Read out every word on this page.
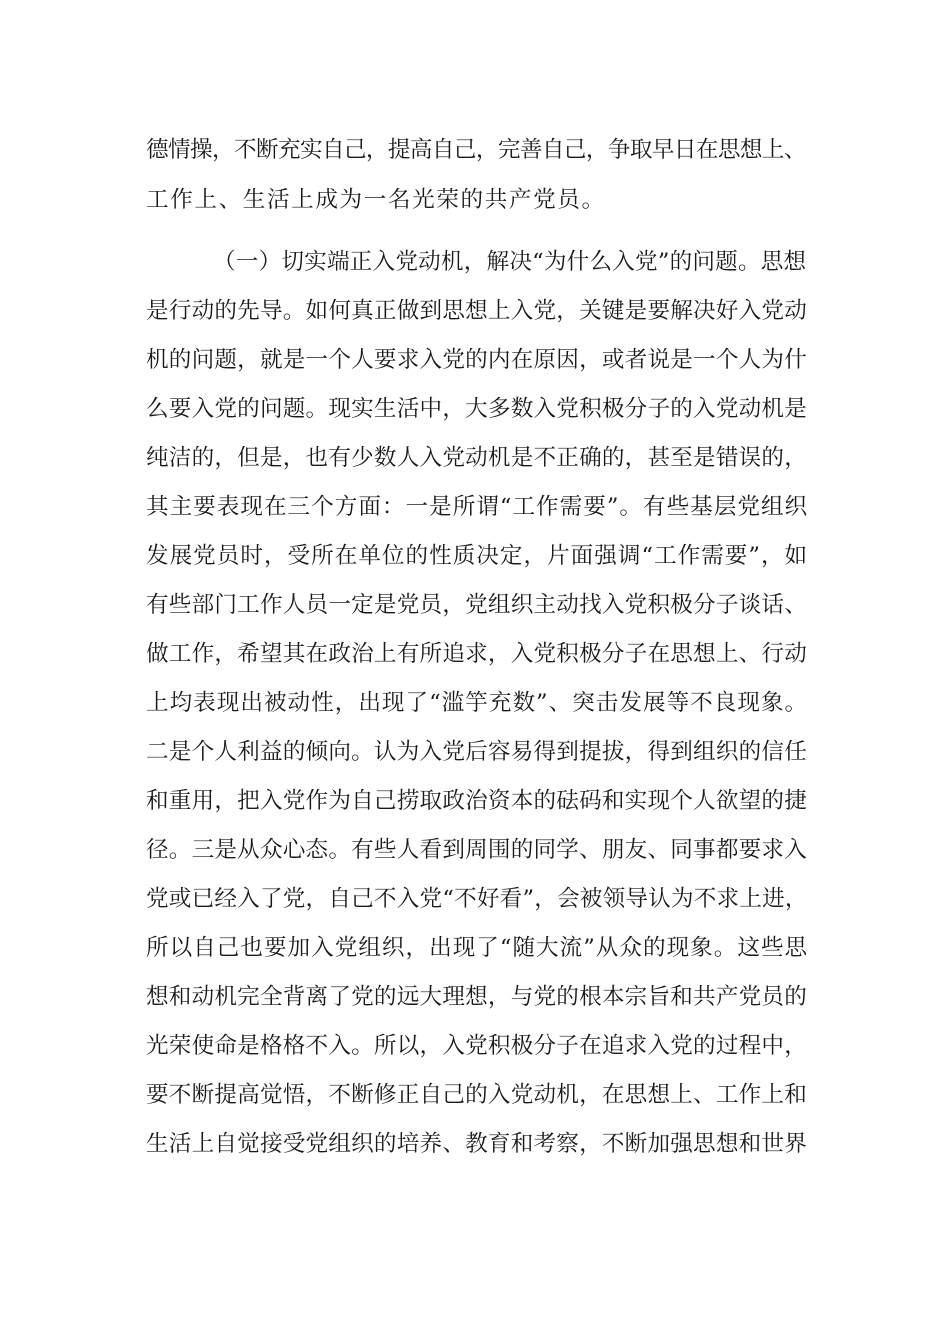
德情操，不断充实自己，提高自己，完善自己，争取早日在思想上、
工作上、生活上成为一名光荣的共产党员。
（一）切实端正入党动机，解决“为什么入党”的问题。思想
是行动的先导。如何真正做到思想上入党，关键是要解决好入党动
机的问题，就是一个人要求入党的内在原因，或者说是一个人为什
么要入党的问题。现实生活中，大多数入党积极分子的入党动机是
纯洁的，但是，也有少数人入党动机是不正确的，甚至是错误的，
其主要表现在三个方面：一是所谓“工作需要”。有些基层党组织
发展党员时，受所在单位的性质决定，片面强调“工作需要”，如
有些部门工作人员一定是党员，党组织主动找入党积极分子谈话、
做工作，希望其在政治上有所追求，入党积极分子在思想上、行动
上均表现出被动性，出现了“滥竽充数”、突击发展等不良现象。
二是个人利益的倾向。认为入党后容易得到提拔，得到组织的信任
和重用，把入党作为自己捞取政治资本的砝码和实现个人欲望的捷
径。三是从众心态。有些人看到周围的同学、朋友、同事都要求入
党或已经入了党，自己不入党“不好看”，会被领导认为不求上进，
所以自己也要加入党组织，出现了“随大流”从众的现象。这些思
想和动机完全背离了党的远大理想，与党的根本宗旨和共产党员的
光荣使命是格格不入。所以，入党积极分子在追求入党的过程中，
要不断提高觉悟，不断修正自己的入党动机，在思想上、工作上和
生活上自觉接受党组织的培养、教育和考察，不断加强思想和世界
